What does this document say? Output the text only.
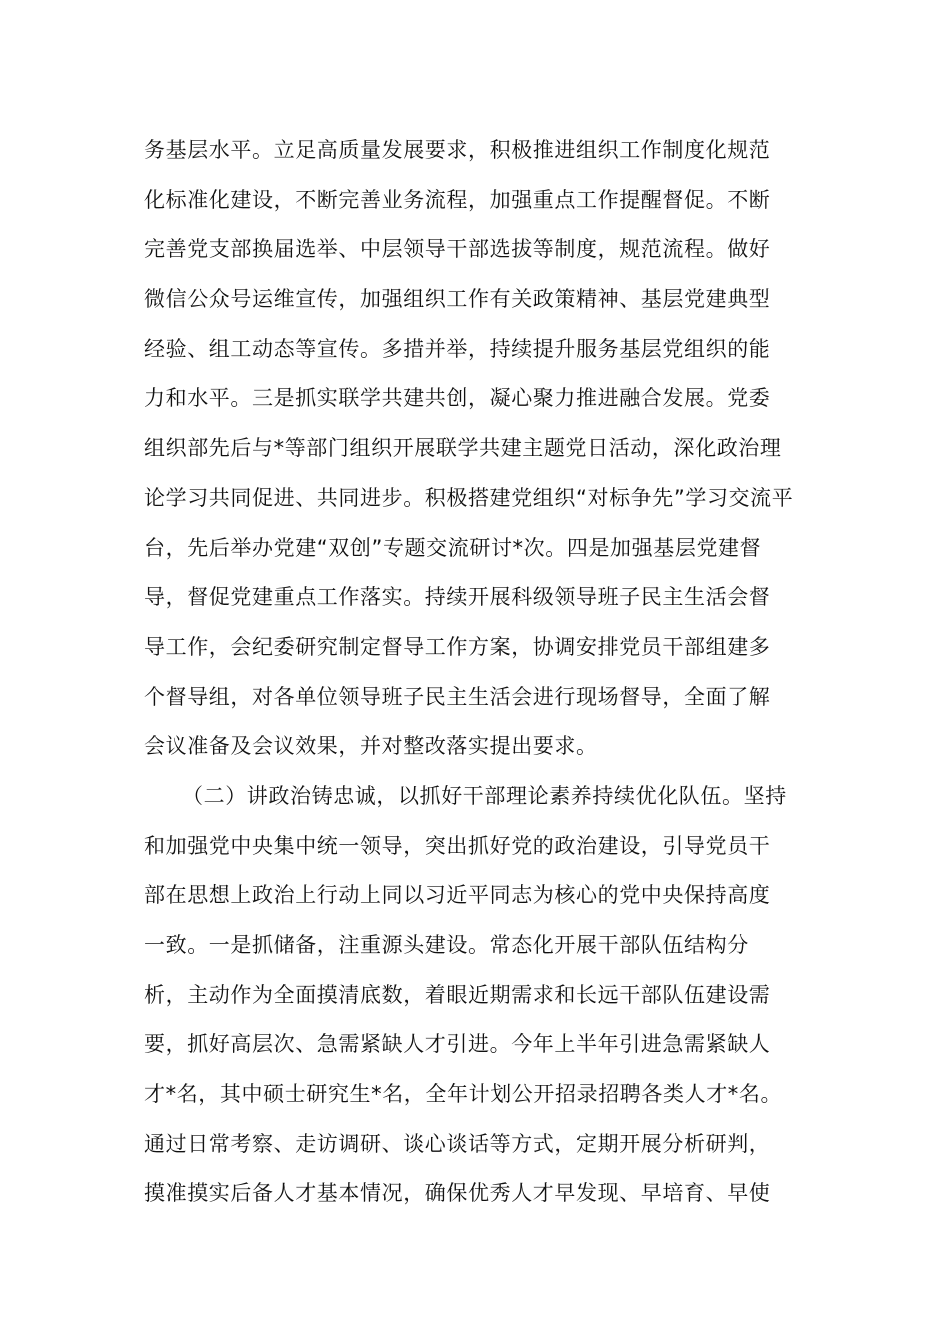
务基层水平。立足高质量发展要求，积极推进组织工作制度化规范
化标准化建设，不断完善业务流程，加强重点工作提醒督促。不断
完善党支部换届选举、中层领导干部选拔等制度，规范流程。做好
微信公众号运维宣传，加强组织工作有关政策精神、基层党建典型
经验、组工动态等宣传。多措并举，持续提升服务基层党组织的能
力和水平。三是抓实联学共建共创，凝心聚力推进融合发展。党委
组织部先后与*等部门组织开展联学共建主题党日活动，深化政治理
论学习共同促进、共同进步。积极搭建党组织“对标争先”学习交流平
台，先后举办党建“双创”专题交流研讨*次。四是加强基层党建督
导，督促党建重点工作落实。持续开展科级领导班子民主生活会督
导工作，会纪委研究制定督导工作方案，协调安排党员干部组建多
个督导组，对各单位领导班子民主生活会进行现场督导，全面了解
会议准备及会议效果，并对整改落实提出要求。
（二）讲政治铸忠诚，以抓好干部理论素养持续优化队伍。坚持
和加强党中央集中统一领导，突出抓好党的政治建设，引导党员干
部在思想上政治上行动上同以习近平同志为核心的党中央保持高度
一致。一是抓储备，注重源头建设。常态化开展干部队伍结构分
析，主动作为全面摸清底数，着眼近期需求和长远干部队伍建设需
要，抓好高层次、急需紧缺人才引进。今年上半年引进急需紧缺人
才*名，其中硕士研究生*名，全年计划公开招录招聘各类人才*名。
通过日常考察、走访调研、谈心谈话等方式，定期开展分析研判，
摸准摸实后备人才基本情况，确保优秀人才早发现、早培育、早使
